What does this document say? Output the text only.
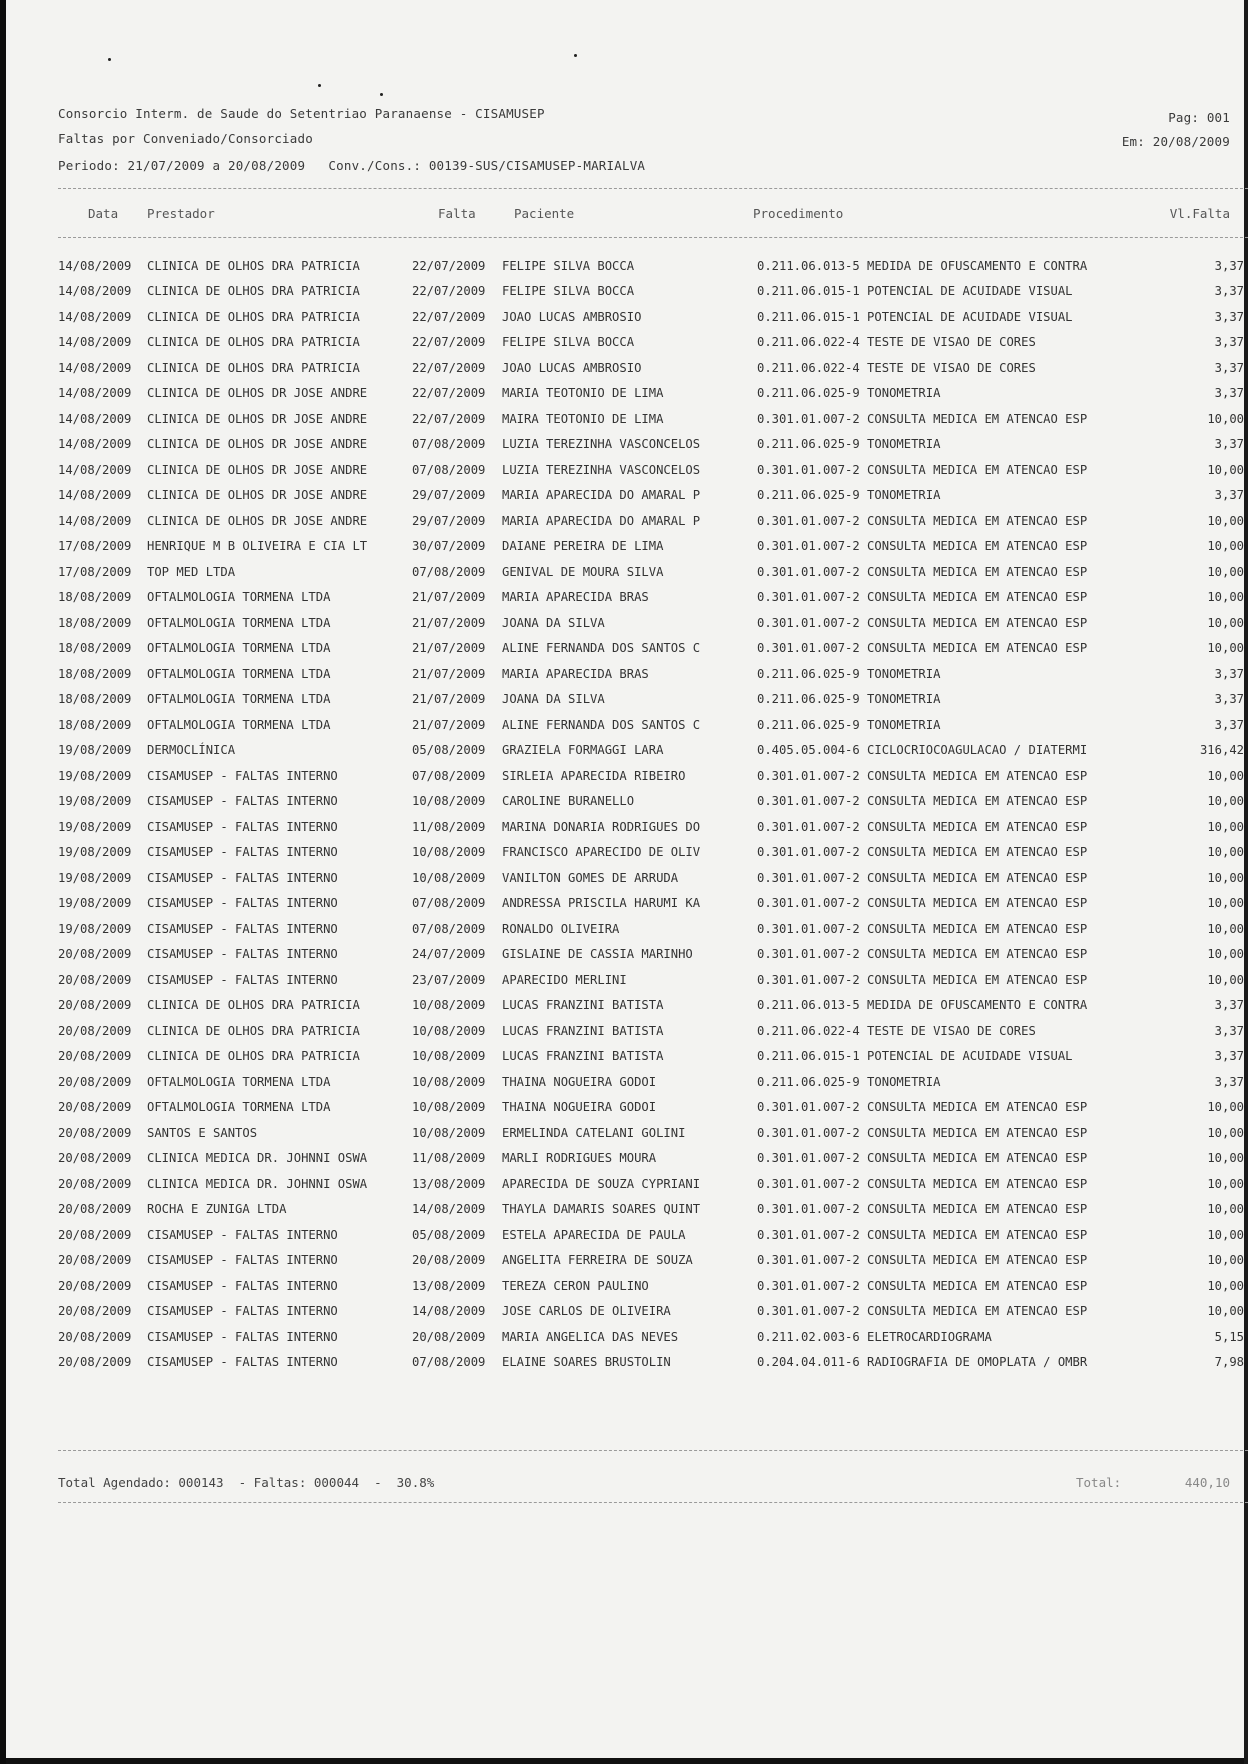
Consorcio Interm. de Saude do Setentriao Paranaense - CISAMUSEP
Faltas por Conveniado/Consorciado
Periodo: 21/07/2009 a 20/08/2009   Conv./Cons.: 00139-SUS/CISAMUSEP-MARIALVA
Pag: 001
Em: 20/08/2009
Data Prestador	Falta	Paciente	Procedimento	Vl.Falta
14/08/2009	CLINICA DE OLHOS DRA PATRICIA	22/07/2009	FELIPE SILVA BOCCA	0.211.06.013-5 MEDIDA DE OFUSCAMENTO E CONTRA	3,37
14/08/2009	CLINICA DE OLHOS DRA PATRICIA	22/07/2009	FELIPE SILVA BOCCA	0.211.06.015-1 POTENCIAL DE ACUIDADE VISUAL	3,37
14/08/2009	CLINICA DE OLHOS DRA PATRICIA	22/07/2009	JOAO LUCAS AMBROSIO	0.211.06.015-1 POTENCIAL DE ACUIDADE VISUAL	3,37
14/08/2009	CLINICA DE OLHOS DRA PATRICIA	22/07/2009	FELIPE SILVA BOCCA	0.211.06.022-4 TESTE DE VISAO DE CORES	3,37
14/08/2009	CLINICA DE OLHOS DRA PATRICIA	22/07/2009	JOAO LUCAS AMBROSIO	0.211.06.022-4 TESTE DE VISAO DE CORES	3,37
14/08/2009	CLINICA DE OLHOS DR JOSE ANDRE	22/07/2009	MARIA TEOTONIO DE LIMA	0.211.06.025-9 TONOMETRIA	3,37
14/08/2009	CLINICA DE OLHOS DR JOSE ANDRE	22/07/2009	MAIRA TEOTONIO DE LIMA	0.301.01.007-2 CONSULTA MEDICA EM ATENCAO ESP	10,00
14/08/2009	CLINICA DE OLHOS DR JOSE ANDRE	07/08/2009	LUZIA TEREZINHA VASCONCELOS	0.211.06.025-9 TONOMETRIA	3,37
14/08/2009	CLINICA DE OLHOS DR JOSE ANDRE	07/08/2009	LUZIA TEREZINHA VASCONCELOS	0.301.01.007-2 CONSULTA MEDICA EM ATENCAO ESP	10,00
14/08/2009	CLINICA DE OLHOS DR JOSE ANDRE	29/07/2009	MARIA APARECIDA DO AMARAL P	0.211.06.025-9 TONOMETRIA	3,37
14/08/2009	CLINICA DE OLHOS DR JOSE ANDRE	29/07/2009	MARIA APARECIDA DO AMARAL P	0.301.01.007-2 CONSULTA MEDICA EM ATENCAO ESP	10,00
17/08/2009	HENRIQUE M B OLIVEIRA E CIA LT	30/07/2009	DAIANE PEREIRA DE LIMA	0.301.01.007-2 CONSULTA MEDICA EM ATENCAO ESP	10,00
17/08/2009	TOP MED LTDA	07/08/2009	GENIVAL DE MOURA SILVA	0.301.01.007-2 CONSULTA MEDICA EM ATENCAO ESP	10,00
18/08/2009	OFTALMOLOGIA TORMENA LTDA	21/07/2009	MARIA APARECIDA BRAS	0.301.01.007-2 CONSULTA MEDICA EM ATENCAO ESP	10,00
18/08/2009	OFTALMOLOGIA TORMENA LTDA	21/07/2009	JOANA DA SILVA	0.301.01.007-2 CONSULTA MEDICA EM ATENCAO ESP	10,00
18/08/2009	OFTALMOLOGIA TORMENA LTDA	21/07/2009	ALINE FERNANDA DOS SANTOS C	0.301.01.007-2 CONSULTA MEDICA EM ATENCAO ESP	10,00
18/08/2009	OFTALMOLOGIA TORMENA LTDA	21/07/2009	MARIA APARECIDA BRAS	0.211.06.025-9 TONOMETRIA	3,37
18/08/2009	OFTALMOLOGIA TORMENA LTDA	21/07/2009	JOANA DA SILVA	0.211.06.025-9 TONOMETRIA	3,37
18/08/2009	OFTALMOLOGIA TORMENA LTDA	21/07/2009	ALINE FERNANDA DOS SANTOS C	0.211.06.025-9 TONOMETRIA	3,37
19/08/2009	DERMOCLÍNICA	05/08/2009	GRAZIELA FORMAGGI LARA	0.405.05.004-6 CICLOCRIOCOAGULACAO / DIATERMI	316,42
19/08/2009	CISAMUSEP - FALTAS INTERNO	07/08/2009	SIRLEIA APARECIDA RIBEIRO	0.301.01.007-2 CONSULTA MEDICA EM ATENCAO ESP	10,00
19/08/2009	CISAMUSEP - FALTAS INTERNO	10/08/2009	CAROLINE BURANELLO	0.301.01.007-2 CONSULTA MEDICA EM ATENCAO ESP	10,00
19/08/2009	CISAMUSEP - FALTAS INTERNO	11/08/2009	MARINA DONARIA RODRIGUES DO	0.301.01.007-2 CONSULTA MEDICA EM ATENCAO ESP	10,00
19/08/2009	CISAMUSEP - FALTAS INTERNO	10/08/2009	FRANCISCO APARECIDO DE OLIV	0.301.01.007-2 CONSULTA MEDICA EM ATENCAO ESP	10,00
19/08/2009	CISAMUSEP - FALTAS INTERNO	10/08/2009	VANILTON GOMES DE ARRUDA	0.301.01.007-2 CONSULTA MEDICA EM ATENCAO ESP	10,00
19/08/2009	CISAMUSEP - FALTAS INTERNO	07/08/2009	ANDRESSA PRISCILA HARUMI KA	0.301.01.007-2 CONSULTA MEDICA EM ATENCAO ESP	10,00
19/08/2009	CISAMUSEP - FALTAS INTERNO	07/08/2009	RONALDO OLIVEIRA	0.301.01.007-2 CONSULTA MEDICA EM ATENCAO ESP	10,00
20/08/2009	CISAMUSEP - FALTAS INTERNO	24/07/2009	GISLAINE DE CASSIA MARINHO	0.301.01.007-2 CONSULTA MEDICA EM ATENCAO ESP	10,00
20/08/2009	CISAMUSEP - FALTAS INTERNO	23/07/2009	APARECIDO MERLINI	0.301.01.007-2 CONSULTA MEDICA EM ATENCAO ESP	10,00
20/08/2009	CLINICA DE OLHOS DRA PATRICIA	10/08/2009	LUCAS FRANZINI BATISTA	0.211.06.013-5 MEDIDA DE OFUSCAMENTO E CONTRA	3,37
20/08/2009	CLINICA DE OLHOS DRA PATRICIA	10/08/2009	LUCAS FRANZINI BATISTA	0.211.06.022-4 TESTE DE VISAO DE CORES	3,37
20/08/2009	CLINICA DE OLHOS DRA PATRICIA	10/08/2009	LUCAS FRANZINI BATISTA	0.211.06.015-1 POTENCIAL DE ACUIDADE VISUAL	3,37
20/08/2009	OFTALMOLOGIA TORMENA LTDA	10/08/2009	THAINA NOGUEIRA GODOI	0.211.06.025-9 TONOMETRIA	3,37
20/08/2009	OFTALMOLOGIA TORMENA LTDA	10/08/2009	THAINA NOGUEIRA GODOI	0.301.01.007-2 CONSULTA MEDICA EM ATENCAO ESP	10,00
20/08/2009	SANTOS E SANTOS	10/08/2009	ERMELINDA CATELANI GOLINI	0.301.01.007-2 CONSULTA MEDICA EM ATENCAO ESP	10,00
20/08/2009	CLINICA MEDICA DR. JOHNNI OSWA	11/08/2009	MARLI RODRIGUES MOURA	0.301.01.007-2 CONSULTA MEDICA EM ATENCAO ESP	10,00
20/08/2009	CLINICA MEDICA DR. JOHNNI OSWA	13/08/2009	APARECIDA DE SOUZA CYPRIANI	0.301.01.007-2 CONSULTA MEDICA EM ATENCAO ESP	10,00
20/08/2009	ROCHA E ZUNIGA LTDA	14/08/2009	THAYLA DAMARIS SOARES QUINT	0.301.01.007-2 CONSULTA MEDICA EM ATENCAO ESP	10,00
20/08/2009	CISAMUSEP - FALTAS INTERNO	05/08/2009	ESTELA APARECIDA DE PAULA	0.301.01.007-2 CONSULTA MEDICA EM ATENCAO ESP	10,00
20/08/2009	CISAMUSEP - FALTAS INTERNO	20/08/2009	ANGELITA FERREIRA DE SOUZA	0.301.01.007-2 CONSULTA MEDICA EM ATENCAO ESP	10,00
20/08/2009	CISAMUSEP - FALTAS INTERNO	13/08/2009	TEREZA CERON PAULINO	0.301.01.007-2 CONSULTA MEDICA EM ATENCAO ESP	10,00
20/08/2009	CISAMUSEP - FALTAS INTERNO	14/08/2009	JOSE CARLOS DE OLIVEIRA	0.301.01.007-2 CONSULTA MEDICA EM ATENCAO ESP	10,00
20/08/2009	CISAMUSEP - FALTAS INTERNO	20/08/2009	MARIA ANGELICA DAS NEVES	0.211.02.003-6 ELETROCARDIOGRAMA	5,15
20/08/2009	CISAMUSEP - FALTAS INTERNO	07/08/2009	ELAINE SOARES BRUSTOLIN	0.204.04.011-6 RADIOGRAFIA DE OMOPLATA / OMBR	7,98
Total Agendado: 000143  - Faltas: 000044  -  30.8%	Total:	440,10
